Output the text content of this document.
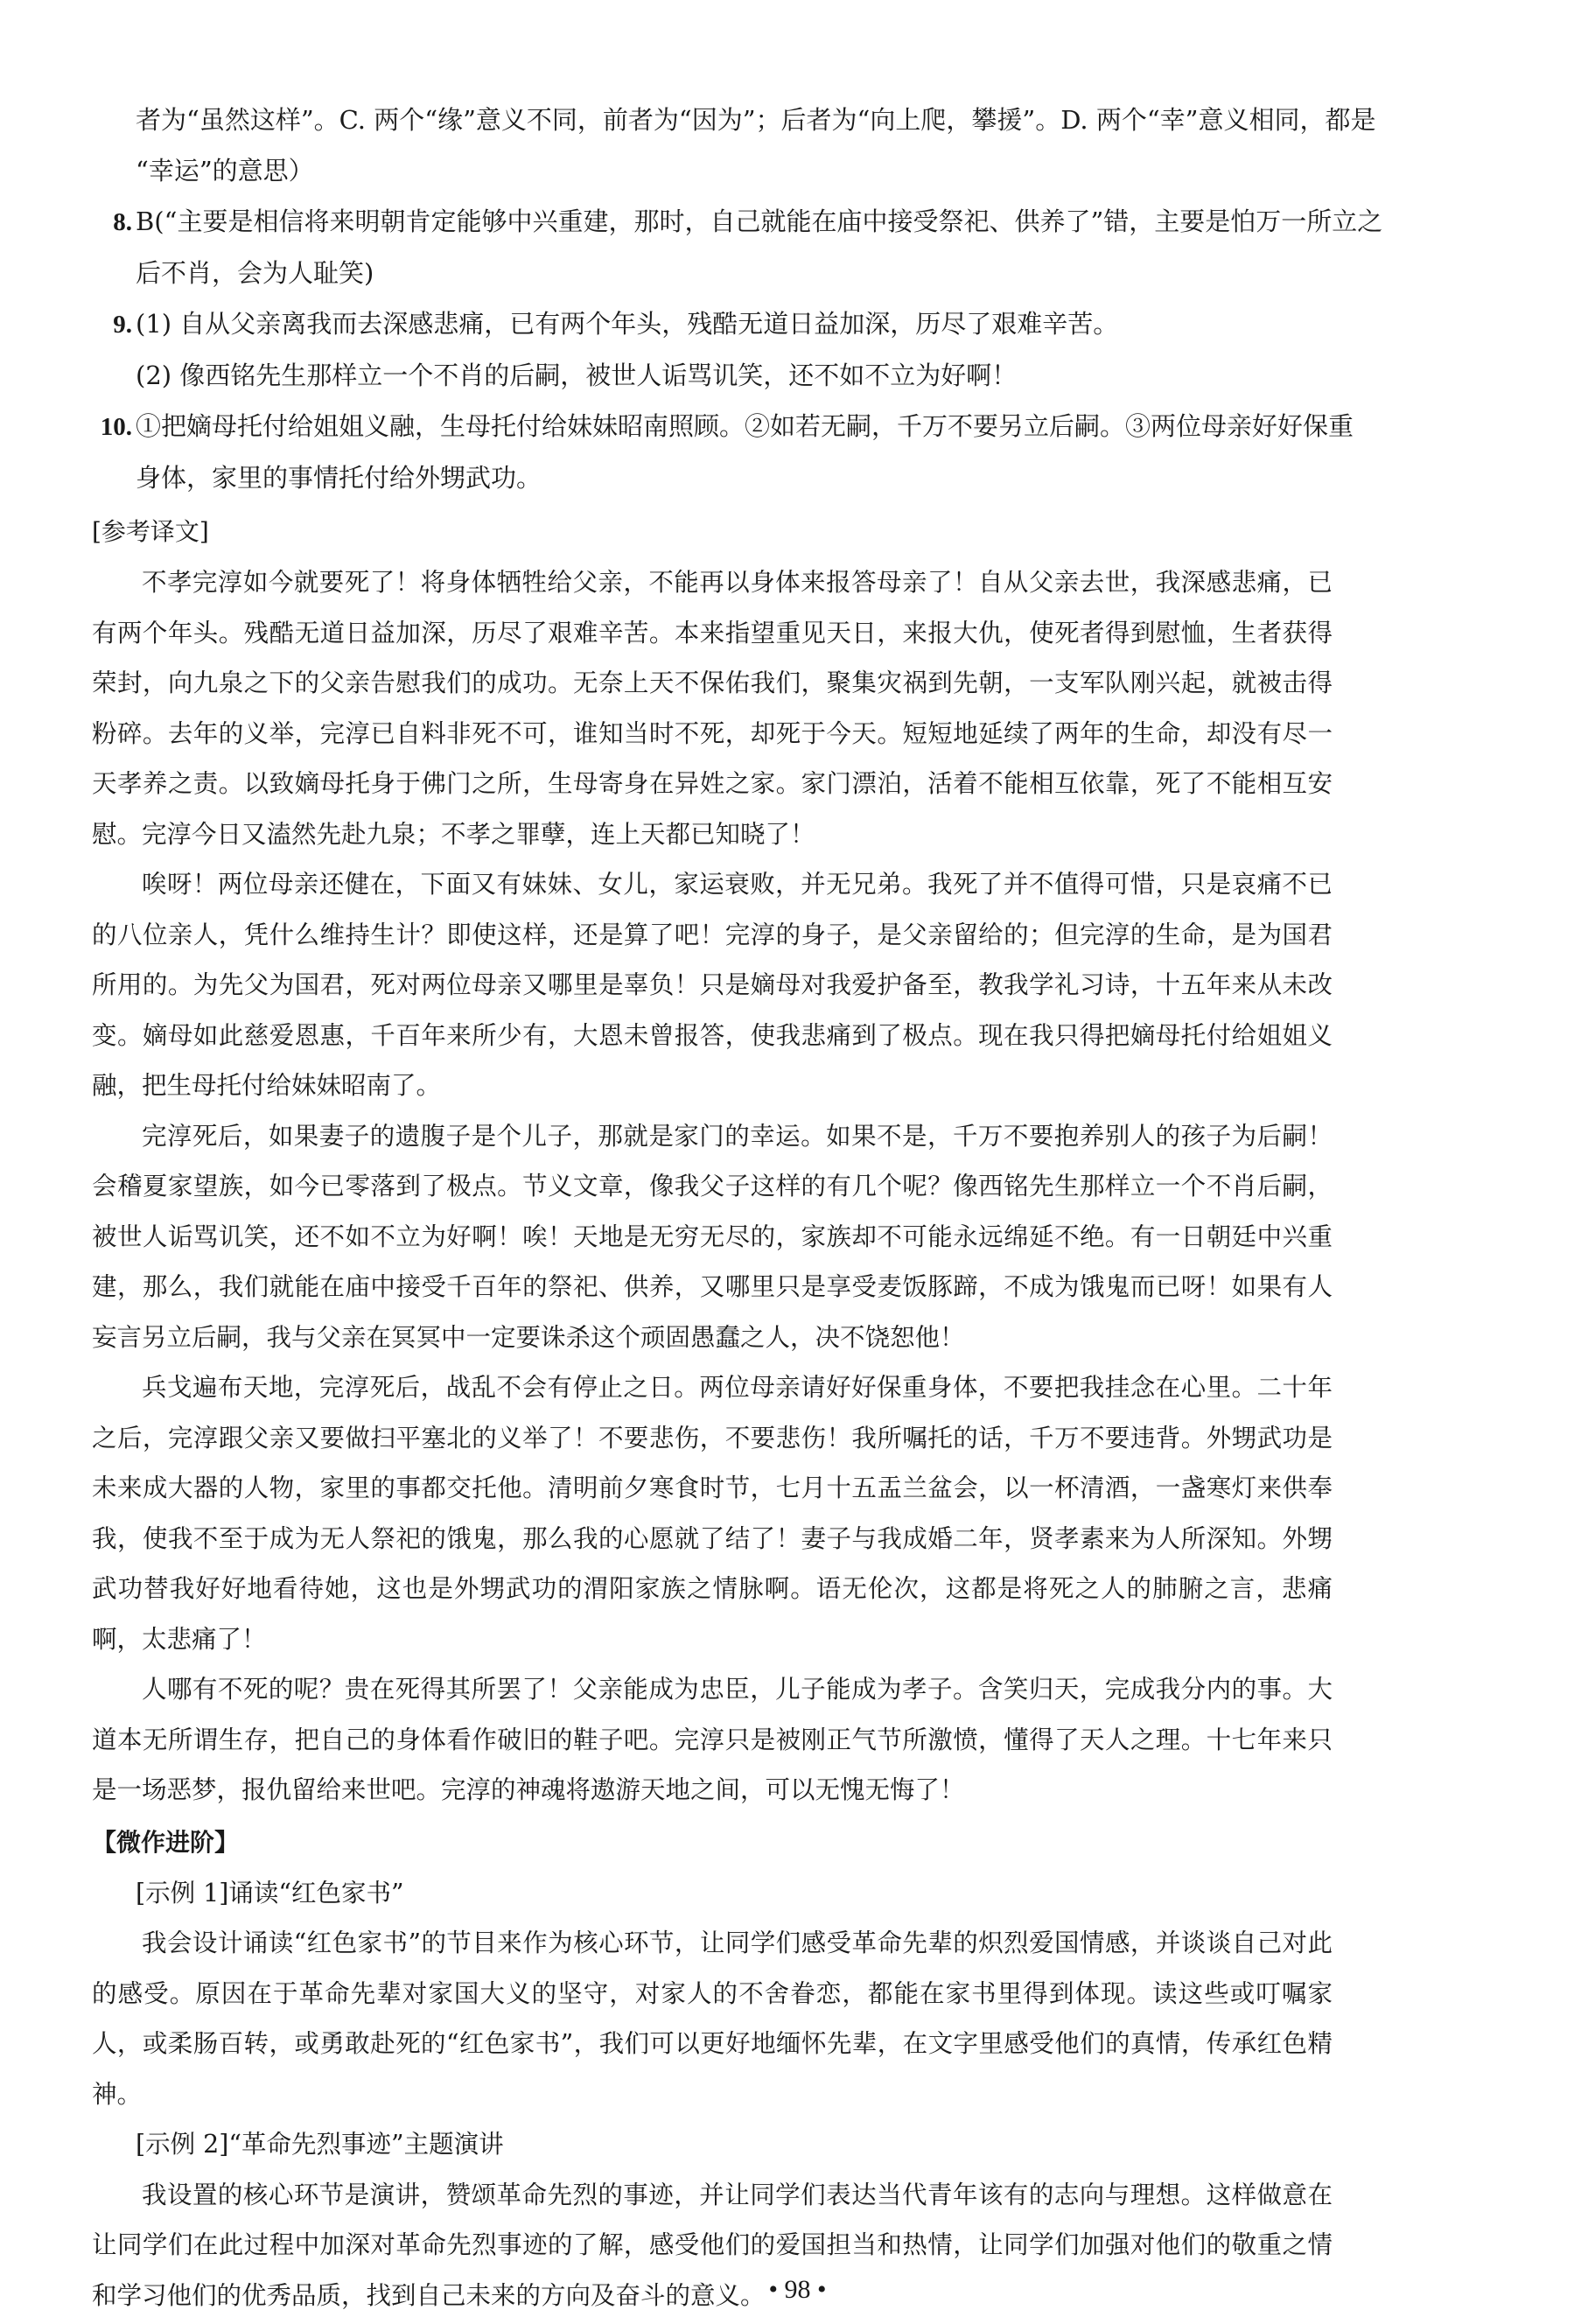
者为“虽然这样”。C. 两个“缘”意义不同，前者为“因为”；后者为“向上爬，攀援”。D. 两个“幸”意义相同，都是
“幸运”的意思）
8. B(“主要是相信将来明朝肯定能够中兴重建，那时，自己就能在庙中接受祭祀、供养了”错，主要是怕万一所立之
后不肖，会为人耻笑)
9. (1) 自从父亲离我而去深感悲痛，已有两个年头，残酷无道日益加深，历尽了艰难辛苦。
(2) 像西铭先生那样立一个不肖的后嗣，被世人诟骂讥笑，还不如不立为好啊！
10. ①把嫡母托付给姐姐义融，生母托付给妹妹昭南照顾。②如若无嗣，千万不要另立后嗣。③两位母亲好好保重
身体，家里的事情托付给外甥武功。
[参考译文]

不孝完淳如今就要死了！将身体牺牲给父亲，不能再以身体来报答母亲了！自从父亲去世，我深感悲痛，已有两个年头。残酷无道日益加深，历尽了艰难辛苦。本来指望重见天日，来报大仇，使死者得到慰恤，生者获得荣封，向九泉之下的父亲告慰我们的成功。无奈上天不保佑我们，聚集灾祸到先朝，一支军队刚兴起，就被击得粉碎。去年的义举，完淳已自料非死不可，谁知当时不死，却死于今天。短短地延续了两年的生命，却没有尽一天孝养之责。以致嫡母托身于佛门之所，生母寄身在异姓之家。家门漂泊，活着不能相互依靠，死了不能相互安慰。完淳今日又溘然先赴九泉；不孝之罪孽，连上天都已知晓了！

唉呀！两位母亲还健在，下面又有妹妹、女儿，家运衰败，并无兄弟。我死了并不值得可惜，只是哀痛不已的八位亲人，凭什么维持生计？即使这样，还是算了吧！完淳的身子，是父亲留给的；但完淳的生命，是为国君所用的。为先父为国君，死对两位母亲又哪里是辜负！只是嫡母对我爱护备至，教我学礼习诗，十五年来从未改变。嫡母如此慈爱恩惠，千百年来所少有，大恩未曾报答，使我悲痛到了极点。现在我只得把嫡母托付给姐姐义融，把生母托付给妹妹昭南了。

完淳死后，如果妻子的遗腹子是个儿子，那就是家门的幸运。如果不是，千万不要抱养别人的孩子为后嗣！会稽夏家望族，如今已零落到了极点。节义文章，像我父子这样的有几个呢？像西铭先生那样立一个不肖后嗣，被世人诟骂讥笑，还不如不立为好啊！唉！天地是无穷无尽的，家族却不可能永远绵延不绝。有一日朝廷中兴重建，那么，我们就能在庙中接受千百年的祭祀、供养，又哪里只是享受麦饭豚蹄，不成为饿鬼而已呀！如果有人妄言另立后嗣，我与父亲在冥冥中一定要诛杀这个顽固愚蠢之人，决不饶恕他！

兵戈遍布天地，完淳死后，战乱不会有停止之日。两位母亲请好好保重身体，不要把我挂念在心里。二十年之后，完淳跟父亲又要做扫平塞北的义举了！不要悲伤，不要悲伤！我所嘱托的话，千万不要违背。外甥武功是未来成大器的人物，家里的事都交托他。清明前夕寒食时节，七月十五盂兰盆会，以一杯清酒，一盏寒灯来供奉我，使我不至于成为无人祭祀的饿鬼，那么我的心愿就了结了！妻子与我成婚二年，贤孝素来为人所深知。外甥武功替我好好地看待她，这也是外甥武功的渭阳家族之情脉啊。语无伦次，这都是将死之人的肺腑之言，悲痛啊，太悲痛了！

人哪有不死的呢？贵在死得其所罢了！父亲能成为忠臣，儿子能成为孝子。含笑归天，完成我分内的事。大道本无所谓生存，把自己的身体看作破旧的鞋子吧。完淳只是被刚正气节所激愤，懂得了天人之理。十七年来只是一场恶梦，报仇留给来世吧。完淳的神魂将遨游天地之间，可以无愧无悔了！

【微作进阶】
[示例 1]诵读“红色家书”

我会设计诵读“红色家书”的节目来作为核心环节，让同学们感受革命先辈的炽烈爱国情感，并谈谈自己对此的感受。原因在于革命先辈对家国大义的坚守，对家人的不舍眷恋，都能在家书里得到体现。读这些或叮嘱家人，或柔肠百转，或勇敢赴死的“红色家书”，我们可以更好地缅怀先辈，在文字里感受他们的真情，传承红色精神。

[示例 2]“革命先烈事迹”主题演讲

我设置的核心环节是演讲，赞颂革命先烈的事迹，并让同学们表达当代青年该有的志向与理想。这样做意在让同学们在此过程中加深对革命先烈事迹的了解，感受他们的爱国担当和热情，让同学们加强对他们的敬重之情和学习他们的优秀品质，找到自己未来的方向及奋斗的意义。 • 98 •
